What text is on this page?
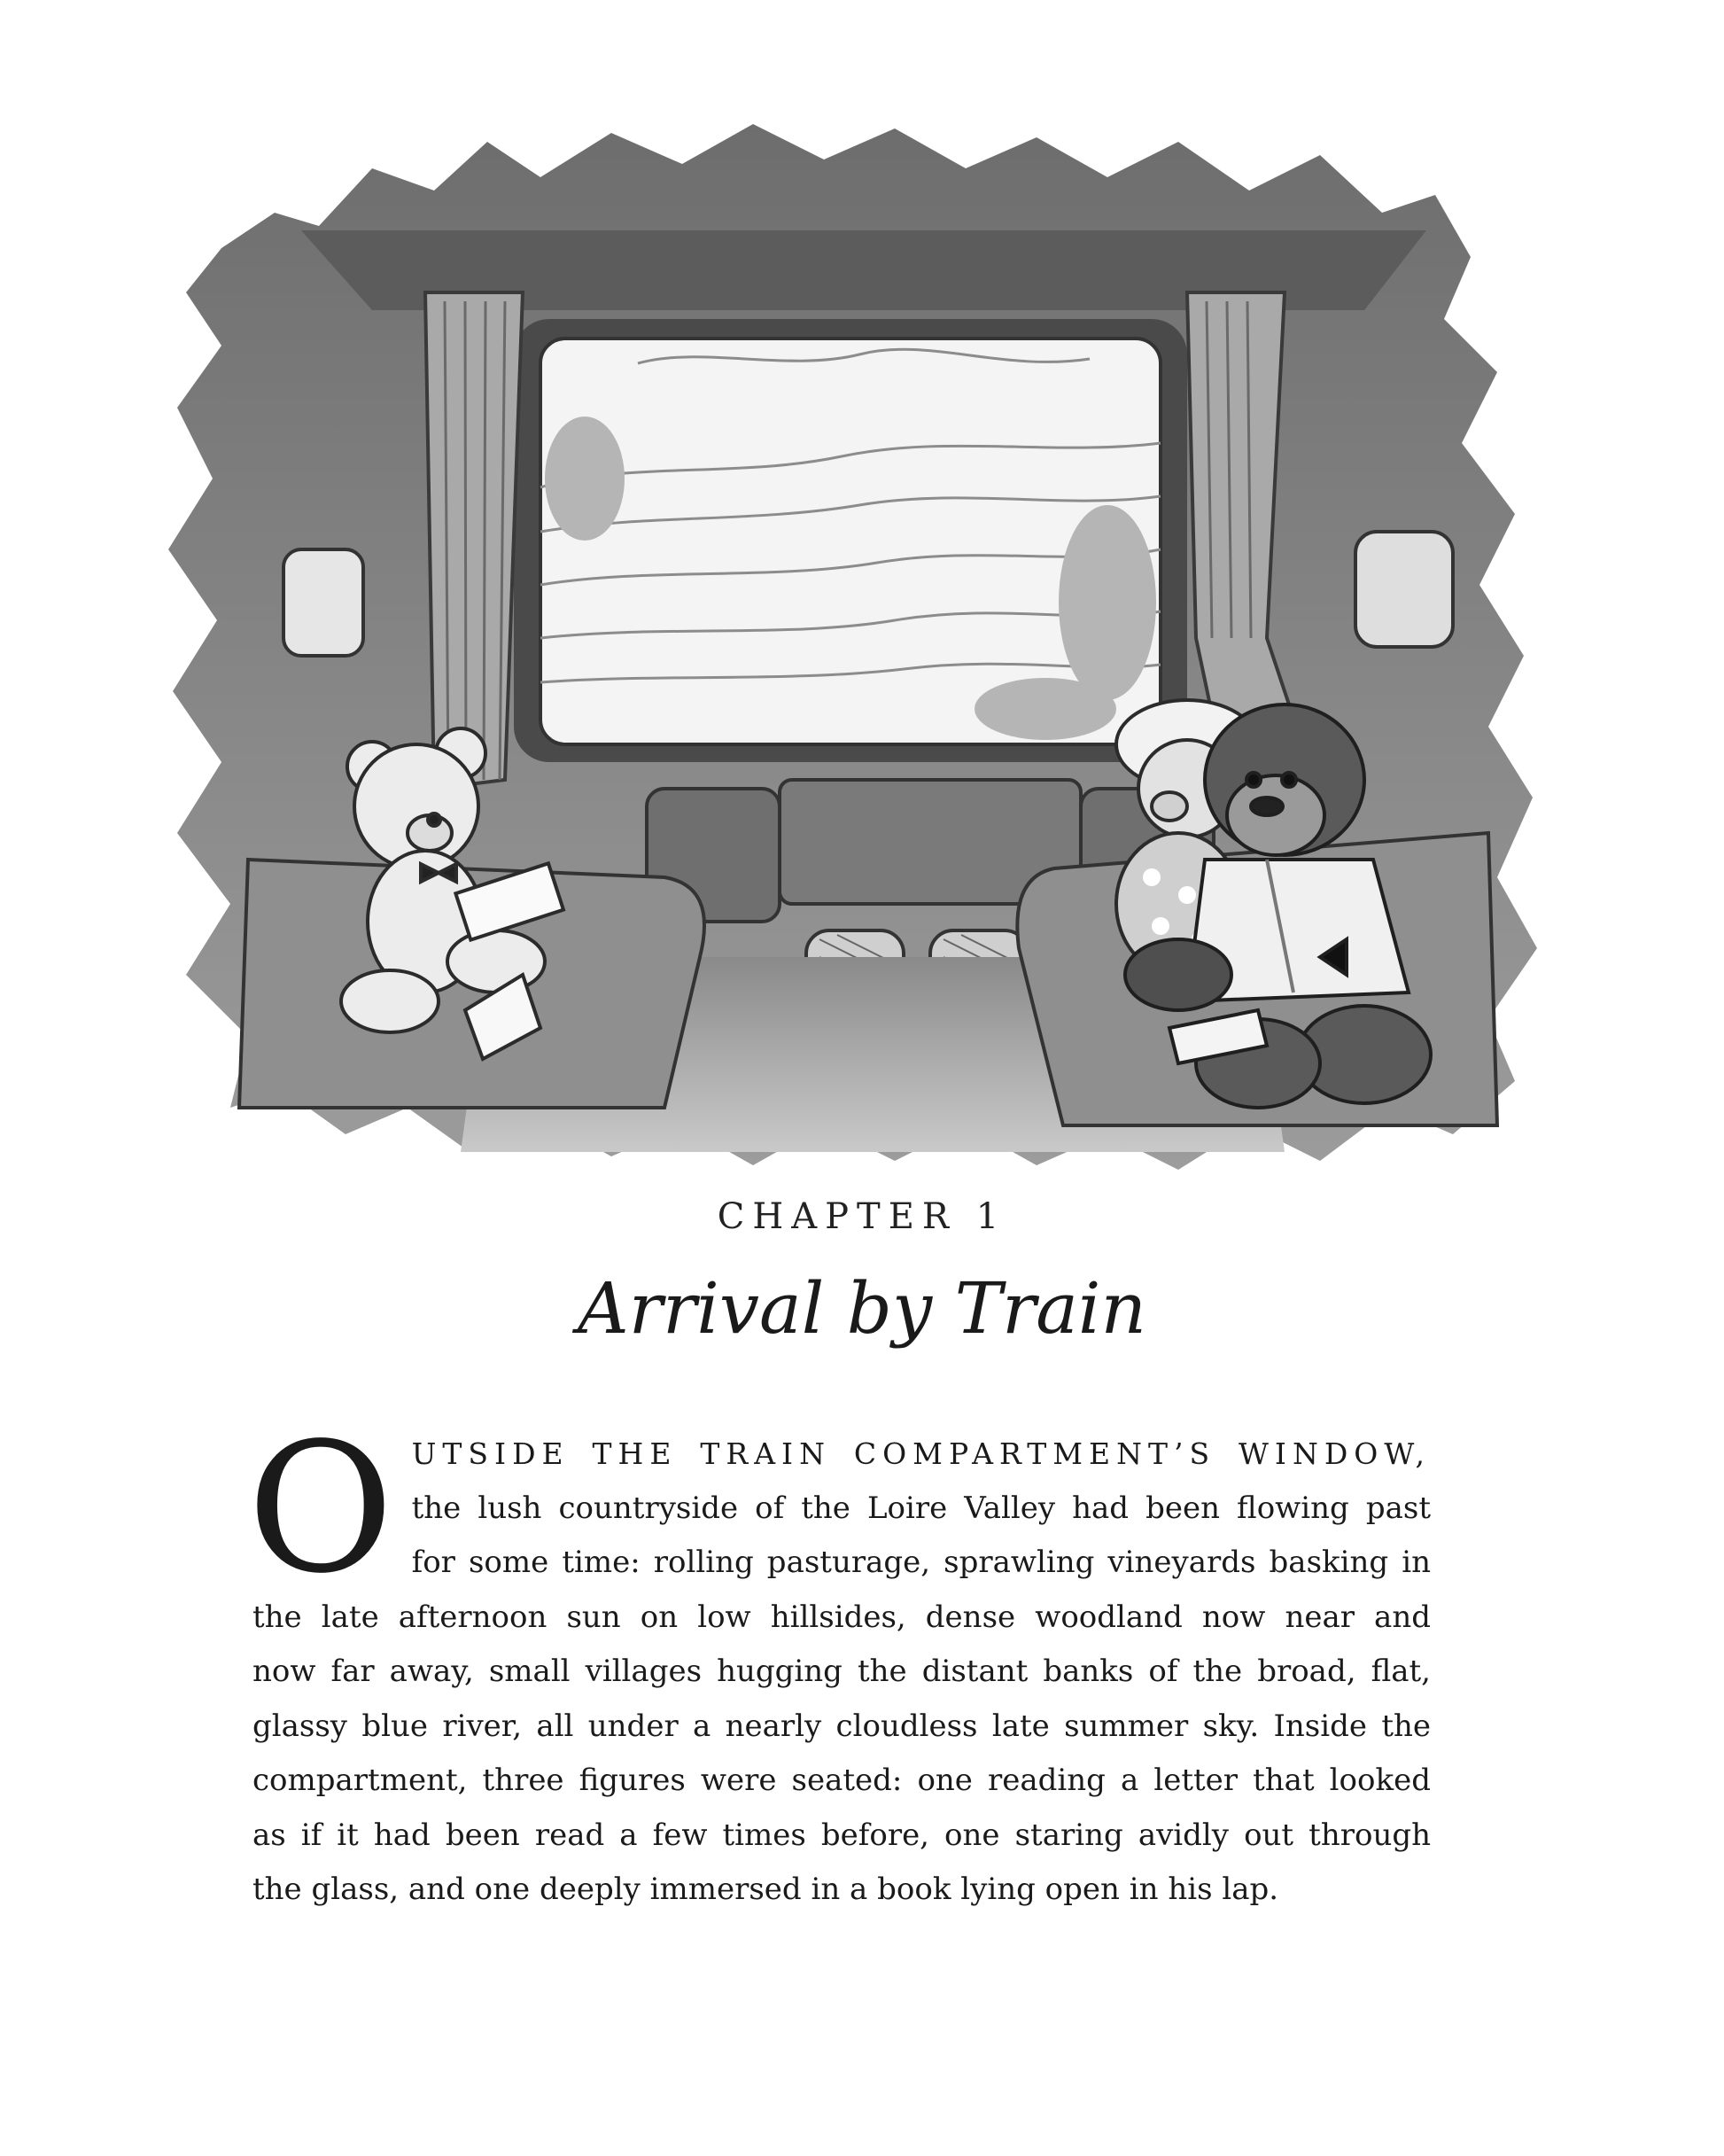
CHAPTER 1
Arrival by Train
O UTSIDE THE TRAIN COMPARTMENT’S WINDOW,
the lush countryside of the Loire Valley had been flowing past
for some time: rolling pasturage, sprawling vineyards basking in
the late afternoon sun on low hillsides, dense woodland now near and
now far away, small villages hugging the distant banks of the broad, flat,
glassy blue river, all under a nearly cloudless late summer sky. Inside the
compartment, three figures were seated: one reading a letter that looked
as if it had been read a few times before, one staring avidly out through
the glass, and one deeply immersed in a book lying open in his lap.
